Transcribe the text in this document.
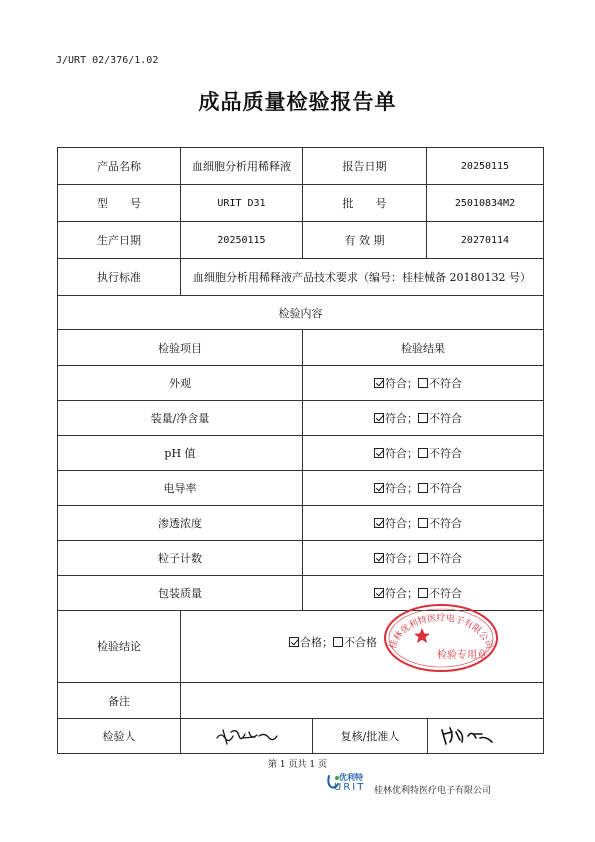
J/URT 02/376/1.02
成品质量检验报告单
产品名称	血细胞分析用稀释液	报告日期	20250115
型　　号	URIT D31	批　　号	25010834M2
生产日期	20250115	有 效 期	20270114
执行标准	血细胞分析用稀释液产品技术要求（编号：桂桂械备 20180132 号）
检验内容
检验项目	检验结果
外观	符合； 不符合
装量/净含量	符合； 不符合
pH 值	符合； 不符合
电导率	符合； 不符合
渗透浓度	符合； 不符合
粒子计数	符合； 不符合
包装质量	符合； 不符合
检验结论	合格； 不合格
备注
检验人	复核/批准人
桂林优利特医疗电子有限公司
检验专用章
第 1 页共 1 页
优利特
URIT 桂林优利特医疗电子有限公司
